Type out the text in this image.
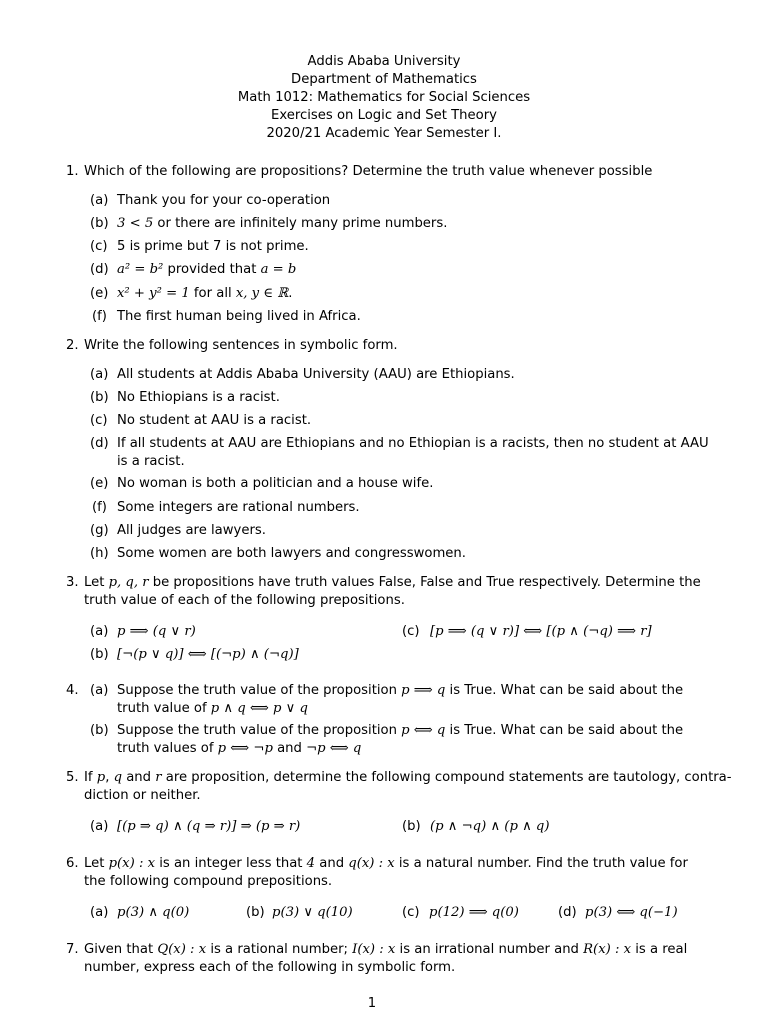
Addis Ababa University
Department of Mathematics
Math 1012: Mathematics for Social Sciences
Exercises on Logic and Set Theory
2020/21 Academic Year Semester I.
1. Which of the following are propositions? Determine the truth value whenever possible
(a) Thank you for your co-operation
(b) 3 < 5 or there are infinitely many prime numbers.
(c) 5 is prime but 7 is not prime.
(d) a² = b² provided that a = b
(e) x² + y² = 1 for all x, y ∈ ℝ.
(f) The first human being lived in Africa.
2. Write the following sentences in symbolic form.
(a) All students at Addis Ababa University (AAU) are Ethiopians.
(b) No Ethiopians is a racist.
(c) No student at AAU is a racist.
(d) If all students at AAU are Ethiopians and no Ethiopian is a racists, then no student at AAU
is a racist.
(e) No woman is both a politician and a house wife.
(f) Some integers are rational numbers.
(g) All judges are lawyers.
(h) Some women are both lawyers and congresswomen.
3. Let p, q, r be propositions have truth values False, False and True respectively. Determine the
truth value of each of the following prepositions.
(a) p ⟹ (q ∨ r)	(c) [p ⟹ (q ∨ r)] ⟺ [(p ∧ (¬q) ⟹ r]
(b) [¬(p ∨ q)] ⟺ [(¬p) ∧ (¬q)]
4. (a) Suppose the truth value of the proposition p ⟹ q is True. What can be said about the
truth value of p ∧ q ⟺ p ∨ q
(b) Suppose the truth value of the proposition p ⟺ q is True. What can be said about the
truth values of p ⟺ ¬p and ¬p ⟺ q
5. If p, q and r are proposition, determine the following compound statements are tautology, contra-
diction or neither.
(a) [(p ⇒ q) ∧ (q ⇒ r)] ⇒ (p ⇒ r)	(b) (p ∧ ¬q) ∧ (p ∧ q)
6. Let p(x) : x is an integer less that 4 and q(x) : x is a natural number. Find the truth value for
the following compound prepositions.
(a) p(3) ∧ q(0)	(b) p(3) ∨ q(10)	(c) p(12) ⟹ q(0)	(d) p(3) ⟺ q(−1)
7. Given that Q(x) : x is a rational number; I(x) : x is an irrational number and R(x) : x is a real
number, express each of the following in symbolic form.
1
